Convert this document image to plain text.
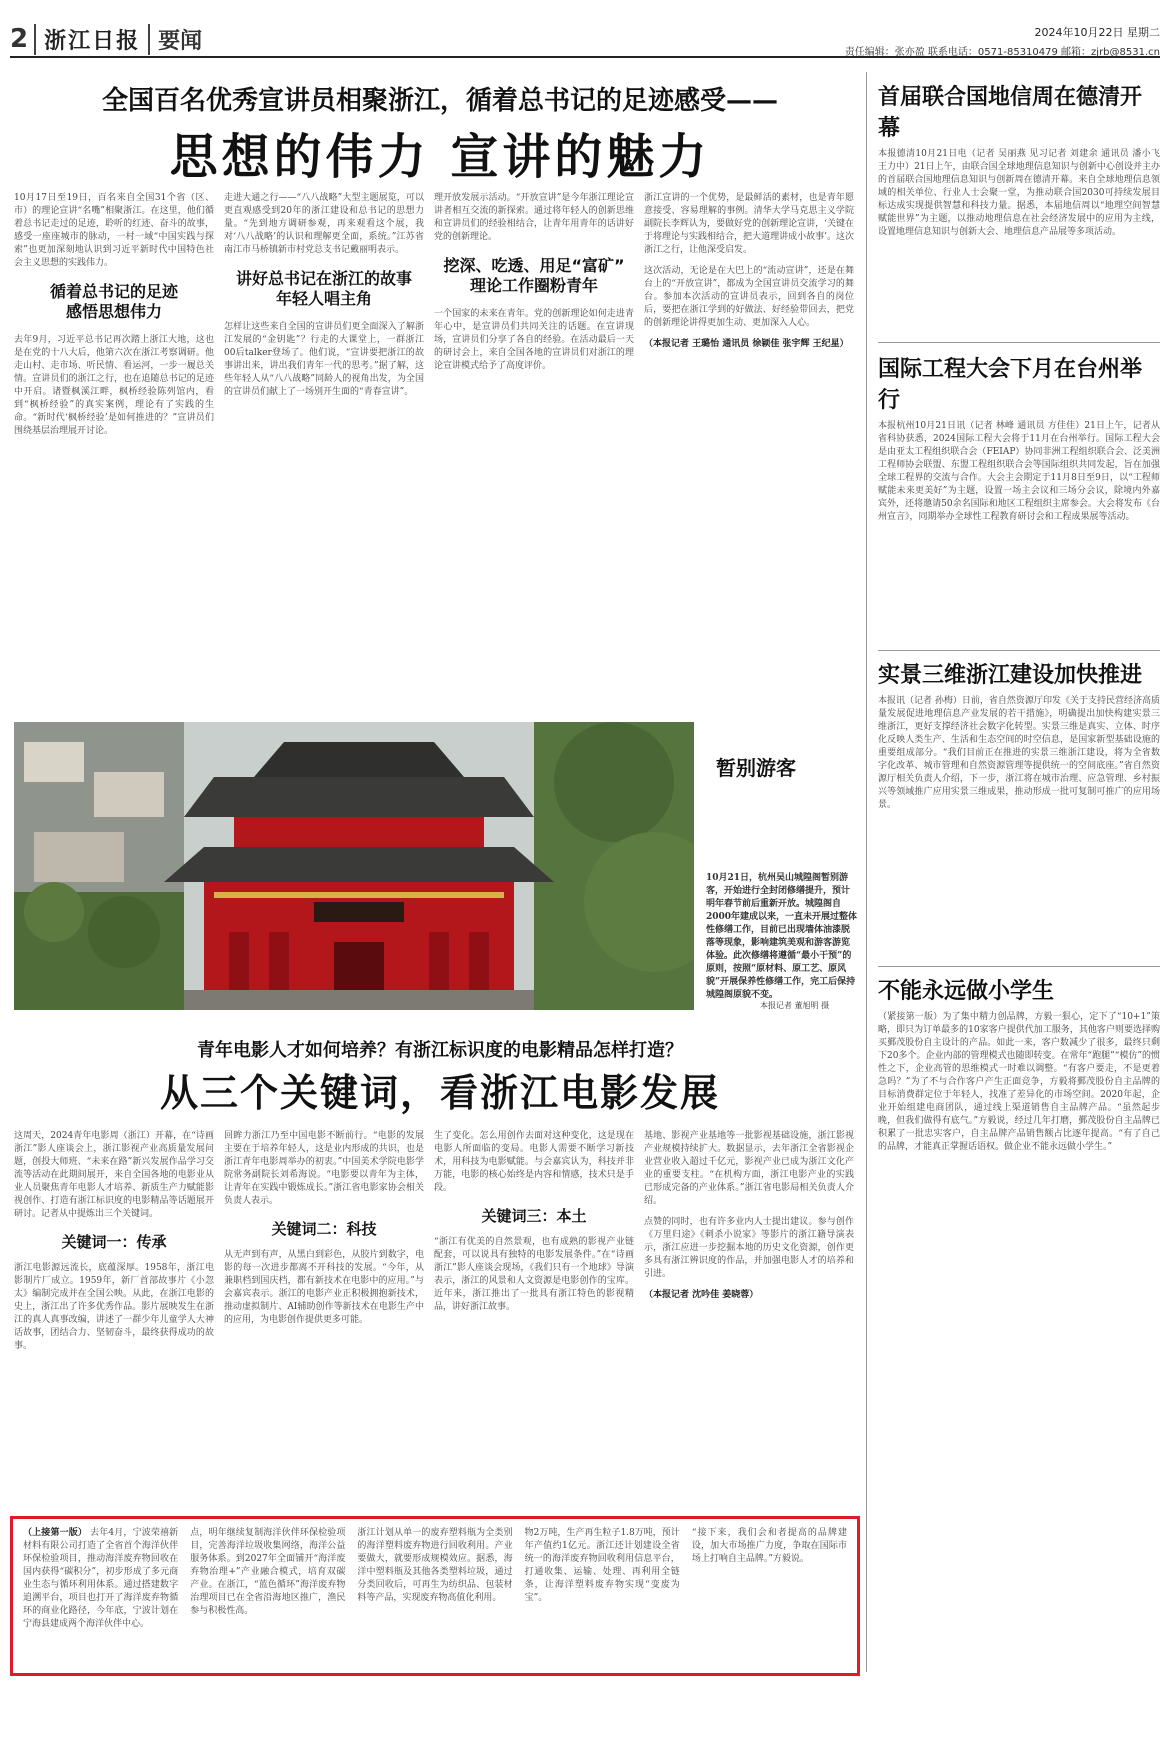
2 浙江日报 要闻	2024年10月22日 星期二
责任编辑：张亦盈 联系电话：0571-85310479 邮箱：zjrb@8531.cn
全国百名优秀宣讲员相聚浙江，循着总书记的足迹感受——
思想的伟力 宣讲的魅力

10月17日至19日，百名来自全国31个省（区、市）的理论宣讲“名嘴”相聚浙江。在这里，他们循着总书记走过的足迹，聆听的红迹、奋斗的故事，感受一座座城市的脉动，一村一域“中国实践与探索”也更加深刻地认识到习近平新时代中国特色社会主义思想的实践伟力。

循着总书记的足迹
感悟思想伟力

去年9月，习近平总书记再次踏上浙江大地，这也是在党的十八大后，他第六次在浙江考察调研。他走山村、走市场、听民情、看运河，一步一履总关情。宣讲员们的浙江之行，也在追随总书记的足迹中开启。诸暨枫溪江畔，枫桥经验陈列馆内，看到“枫桥经验”的真实案例，理论有了实践的生命。“新时代‘枫桥经验’是如何推进的？”宣讲员们围绕基层治理展开讨论。

走进大通之行——“八八战略”大型主题展览，可以更直观感受到20年的浙江建设和总书记的思想力量。“先到地方调研参观，再来观看这个展，我对‘八八战略’的认识和理解更全面，系统。”江苏省南江市马桥镇新市村党总支书记戴丽明表示。

讲好总书记在浙江的故事
年轻人唱主角

怎样让这些来自全国的宣讲员们更全面深入了解浙江发展的“金钥匙”？行走的大课堂上，一群浙江00后talker登场了。他们说，“宣讲要把浙江的故事讲出来，讲出我们青年一代的思考。”据了解，这些年轻人从“八八战略”同龄人的视角出发，为全国的宣讲员们献上了一场别开生面的“青春宣讲”。

理开放发展示活动。“开放宣讲”是今年浙江理论宣讲者相互交流的新探索。通过将年轻人的创新思维和宣讲员们的经验相结合，让青年用青年的话讲好党的创新理论。

挖深、吃透、用足“富矿”
理论工作圈粉青年

一个国家的未来在青年。党的创新理论如何走进青年心中，是宣讲员们共同关注的话题。在宣讲现场，宣讲员们分享了各自的经验。在活动最后一天的研讨会上，来自全国各地的宣讲员们对浙江的理论宣讲模式给予了高度评价。

浙江宣讲的一个优势，是最鲜活的素材，也是青年愿意接受、容易理解的事例。清华大学马克思主义学院副院长李辉认为，要做好党的创新理论宣讲，‘关键在于将理论与实践相结合，把大道理讲成小故事’。这次浙江之行，让他深受启发。

这次活动，无论是在大巴上的“流动宣讲”，还是在舞台上的“开放宣讲”，都成为全国宣讲员交流学习的舞台。参加本次活动的宣讲员表示，回到各自的岗位后，要把在浙江学到的好做法、好经验带回去，把党的创新理论讲得更加生动、更加深入人心。

（本报记者 王璐怡 通讯员 徐颖佳 张宇辉 王纪星）

首届联合国地信周在德清开幕

本报德清10月21日电（记者 吴丽燕 见习记者 刘建余 通讯员 潘小飞 王力中）21日上午，由联合国全球地理信息知识与创新中心创设并主办的首届联合国地理信息知识与创新周在德清开幕。来自全球地理信息领域的相关单位、行业人士会聚一堂，为推动联合国2030可持续发展目标达成实现提供智慧和科技力量。据悉，本届地信周以“地理空间智慧赋能世界”为主题，以推动地理信息在社会经济发展中的应用为主线，设置地理信息知识与创新大会、地理信息产品展等多项活动。

国际工程大会下月在台州举行

本报杭州10月21日讯（记者 林峰 通讯员 方佳佳）21日上午，记者从省科协获悉，2024国际工程大会将于11月在台州举行。国际工程大会是由亚太工程组织联合会（FEIAP）协同非洲工程组织联合会、泛美洲工程师协会联盟、东盟工程组织联合会等国际组织共同发起，旨在加强全球工程界的交流与合作。大会主会期定于11月8日至9日，以“工程师赋能未来更美好”为主题，设置一场主会议和三场分会议，除境内外嘉宾外，还将邀请50余名国际和地区工程组织主席参会。大会将发布《台州宣言》，同期举办全球性工程教育研讨会和工程成果展等活动。

实景三维浙江建设加快推进

本报讯（记者 孙梅）日前，省自然资源厅印发《关于支持民营经济高质量发展促进地理信息产业发展的若干措施》，明确提出加快构建实景三维浙江，更好支撑经济社会数字化转型。实景三维是真实、立体、时序化反映人类生产、生活和生态空间的时空信息，是国家新型基础设施的重要组成部分。“我们目前正在推进的实景三维浙江建设，将为全省数字化改革、城市管理和自然资源管理等提供统一的空间底座。”省自然资源厅相关负责人介绍，下一步，浙江将在城市治理、应急管理、乡村振兴等领域推广应用实景三维成果，推动形成一批可复制可推广的应用场景。

不能永远做小学生

（紧接第一版）为了集中精力创品牌，方毅一狠心，定下了“10+1”策略，即只为订单最多的10家客户提供代加工服务，其他客户则要选择购买鄞茂股份自主设计的产品。如此一来，客户数减少了很多，最终只剩下20多个。企业内部的管理模式也随即转变。在常年“跑腿”“模仿”的惯性之下，企业高管的思维模式一时难以调整。“有客户要走，不是更着急吗？”为了不与合作客户产生正面竞争，方毅将鄞茂股份自主品牌的目标消费群定位于年轻人，找准了差异化的市场空间。2020年起，企业开始组建电商团队，通过线上渠道销售自主品牌产品。“虽然起步晚，但我们做得有底气。”方毅说，经过几年打磨，鄞茂股份自主品牌已积累了一批忠实客户，自主品牌产品销售额占比逐年提高。“有了自己的品牌，才能真正掌握话语权。做企业不能永远做小学生。”

暂别游客

10月21日，杭州吴山城隍阁暂别游客，开始进行全封闭修缮提升，预计明年春节前后重新开放。城隍阁自2000年建成以来，一直未开展过整体性修缮工作，目前已出现墙体油漆脱落等现象，影响建筑美观和游客游览体验。此次修缮将遵循“最小干预”的原则，按照“原材料、原工艺、原风貌”开展保养性修缮工作，完工后保持城隍阁原貌不变。

本报记者 董旭明 摄
青年电影人才如何培养？有浙江标识度的电影精品怎样打造？
从三个关键词，看浙江电影发展

这周天，2024青年电影周（浙江）开幕，在“诗画浙江”影人座谈会上，浙江影视产业高质量发展问题，创投大师班、“未来在路”新兴发展作品学习交流等活动在此期间展开，来自全国各地的电影业从业人员聚焦青年电影人才培养、新质生产力赋能影视创作、打造有浙江标识度的电影精品等话题展开研讨。记者从中提炼出三个关键词。

关键词一：传承

浙江电影源远流长，底蕴深厚。1958年，浙江电影制片厂成立。1959年，新厂首部故事片《小忽太》编制完成并在全国公映。从此，在浙江电影的史上，浙江出了许多优秀作品。影片展映发生在浙江的真人真事改编，讲述了一群少年儿童学人大神话故事，团结合力、坚韧奋斗，最终获得成功的故事。

回眸力浙江乃至中国电影不断前行。“电影的发展主要在于培养年轻人，这是业内形成的共识，也是浙江青年电影周举办的初衷。”中国美术学院电影学院常务副院长刘希海说。“电影要以青年为主体，让青年在实践中锻炼成长。”浙江省电影家协会相关负责人表示。

关键词二：科技

从无声到有声，从黑白到彩色，从胶片到数字，电影的每一次进步都离不开科技的发展。“今年，从兼职档到国庆档，都有新技术在电影中的应用。”与会嘉宾表示。浙江的电影产业正积极拥抱新技术，推动虚拟制片、AI辅助创作等新技术在电影生产中的应用，为电影创作提供更多可能。

生了变化。怎么用创作去面对这种变化，这是现在电影人所面临的变局。电影人需要不断学习新技术，用科技为电影赋能。与会嘉宾认为，科技并非万能，电影的核心始终是内容和情感，技术只是手段。

关键词三：本土

“浙江有优美的自然景观，也有成熟的影视产业链配套，可以说具有独特的电影发展条件。”在“诗画浙江”影人座谈会现场，《我们只有一个地球》导演表示，浙江的风景和人文资源是电影创作的宝库。近年来，浙江推出了一批具有浙江特色的影视精品，讲好浙江故事。

基地、影视产业基地等一批影视基础设施，浙江影视产业规模持续扩大。数据显示，去年浙江全省影视企业营业收入超过千亿元，影视产业已成为浙江文化产业的重要支柱。“在机构方面，浙江电影产业的实践已形成完备的产业体系。”浙江省电影局相关负责人介绍。

点赞的同时，也有许多业内人士提出建议。参与创作《万里归途》《刺杀小说家》等影片的浙江籍导演表示，浙江应进一步挖掘本地的历史文化资源，创作更多具有浙江辨识度的作品，并加强电影人才的培养和引进。

（本报记者 沈吟佳 姜晓蓉）

（上接第一版） 去年4月，宁波荣禧新材料有限公司打造了全省首个海洋伙伴环保检验项目，推动海洋废弃物回收在国内获得“碳积分”，初步形成了多元商业生态与循环利用体系。通过搭建数字追溯平台，项目也打开了海洋废弃物循环的商业化路径，今年底，宁波计划在宁海县建成两个海洋伙伴中心。
点，明年继续复制海洋伙伴环保检验项目，完善海洋垃圾收集网络，海洋公益服务体系。到2027年全面铺开“海洋废弃物治理+”产业融合模式，培育双碳产业。在浙江，“蓝色循环”海洋废弃物治理项目已在全省沿海地区推广，渔民参与积极性高。
浙江计划从单一的废弃塑料瓶为全类别的海洋塑料废弃物进行回收利用。产业要做大，就要形成规模效应。据悉，海洋中塑料瓶及其他各类塑料垃圾，通过分类回收后，可再生为纺织品、包装材料等产品，实现废弃物高值化利用。
物2万吨，生产再生粒子1.8万吨，预计年产值约1亿元。浙江还计划建设全省统一的海洋废弃物回收利用信息平台，打通收集、运输、处理、再利用全链条，让海洋塑料废弃物实现“变废为宝”。
“接下来，我们会和者提高的品牌建设，加大市场推广力度，争取在国际市场上打响自主品牌。”方毅说。
